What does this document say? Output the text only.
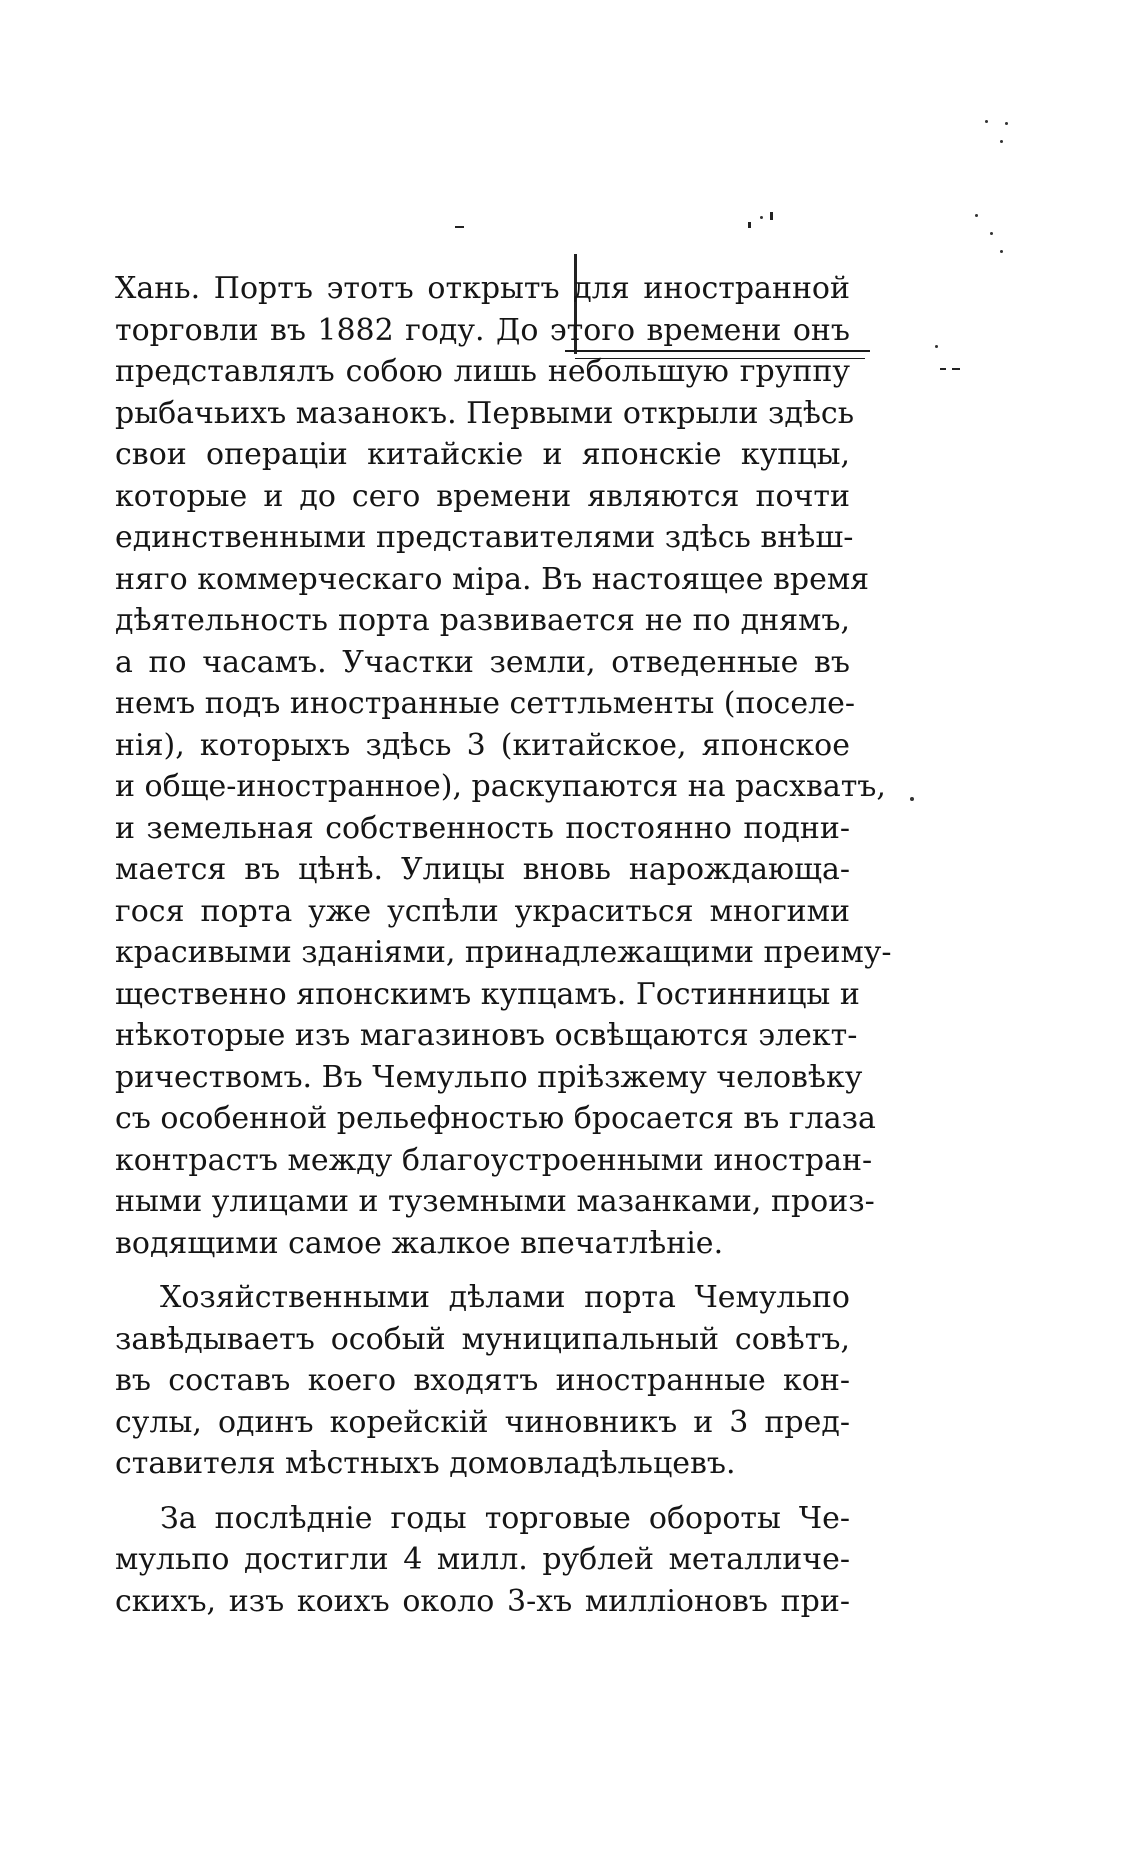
Хань. Портъ этотъ открытъ для иностранной

торговли въ 1882 году. До этого времени онъ

представлялъ собою лишь небольшую группу

рыбачьихъ мазанокъ. Первыми открыли здѣсь

свои операціи китайскіе и японскіе купцы,

которые и до сего времени являются почти

единственными представителями здѣсь внѣш-

няго коммерческаго міра. Въ настоящее время

дѣятельность порта развивается не по днямъ,

а по часамъ. Участки земли, отведенные въ

немъ подъ иностранные сеттльменты (поселе-

нія), которыхъ здѣсь 3 (китайское, японское

и обще-иностранное), раскупаются на расхватъ,

и земельная собственность постоянно подни-

мается въ цѣнѣ. Улицы вновь нарождающа-

гося порта уже успѣли украситься многими

красивыми зданіями, принадлежащими преиму-

щественно японскимъ купцамъ. Гостинницы и

нѣкоторые изъ магазиновъ освѣщаются элект-

ричествомъ. Въ Чемульпо пріѣзжему человѣку

съ особенной рельефностью бросается въ глаза

контрастъ между благоустроенными иностран-

ными улицами и туземными мазанками, произ-

водящими самое жалкое впечатлѣніе.

Хозяйственными дѣлами порта Чемульпо

завѣдываетъ особый муниципальный совѣтъ,

въ составъ коего входятъ иностранные кон-

сулы, одинъ корейскій чиновникъ и 3 пред-

ставителя мѣстныхъ домовладѣльцевъ.

За послѣдніе годы торговые обороты Че-

мульпо достигли 4 милл. рублей металличе-

скихъ, изъ коихъ около 3-хъ милліоновъ при-
